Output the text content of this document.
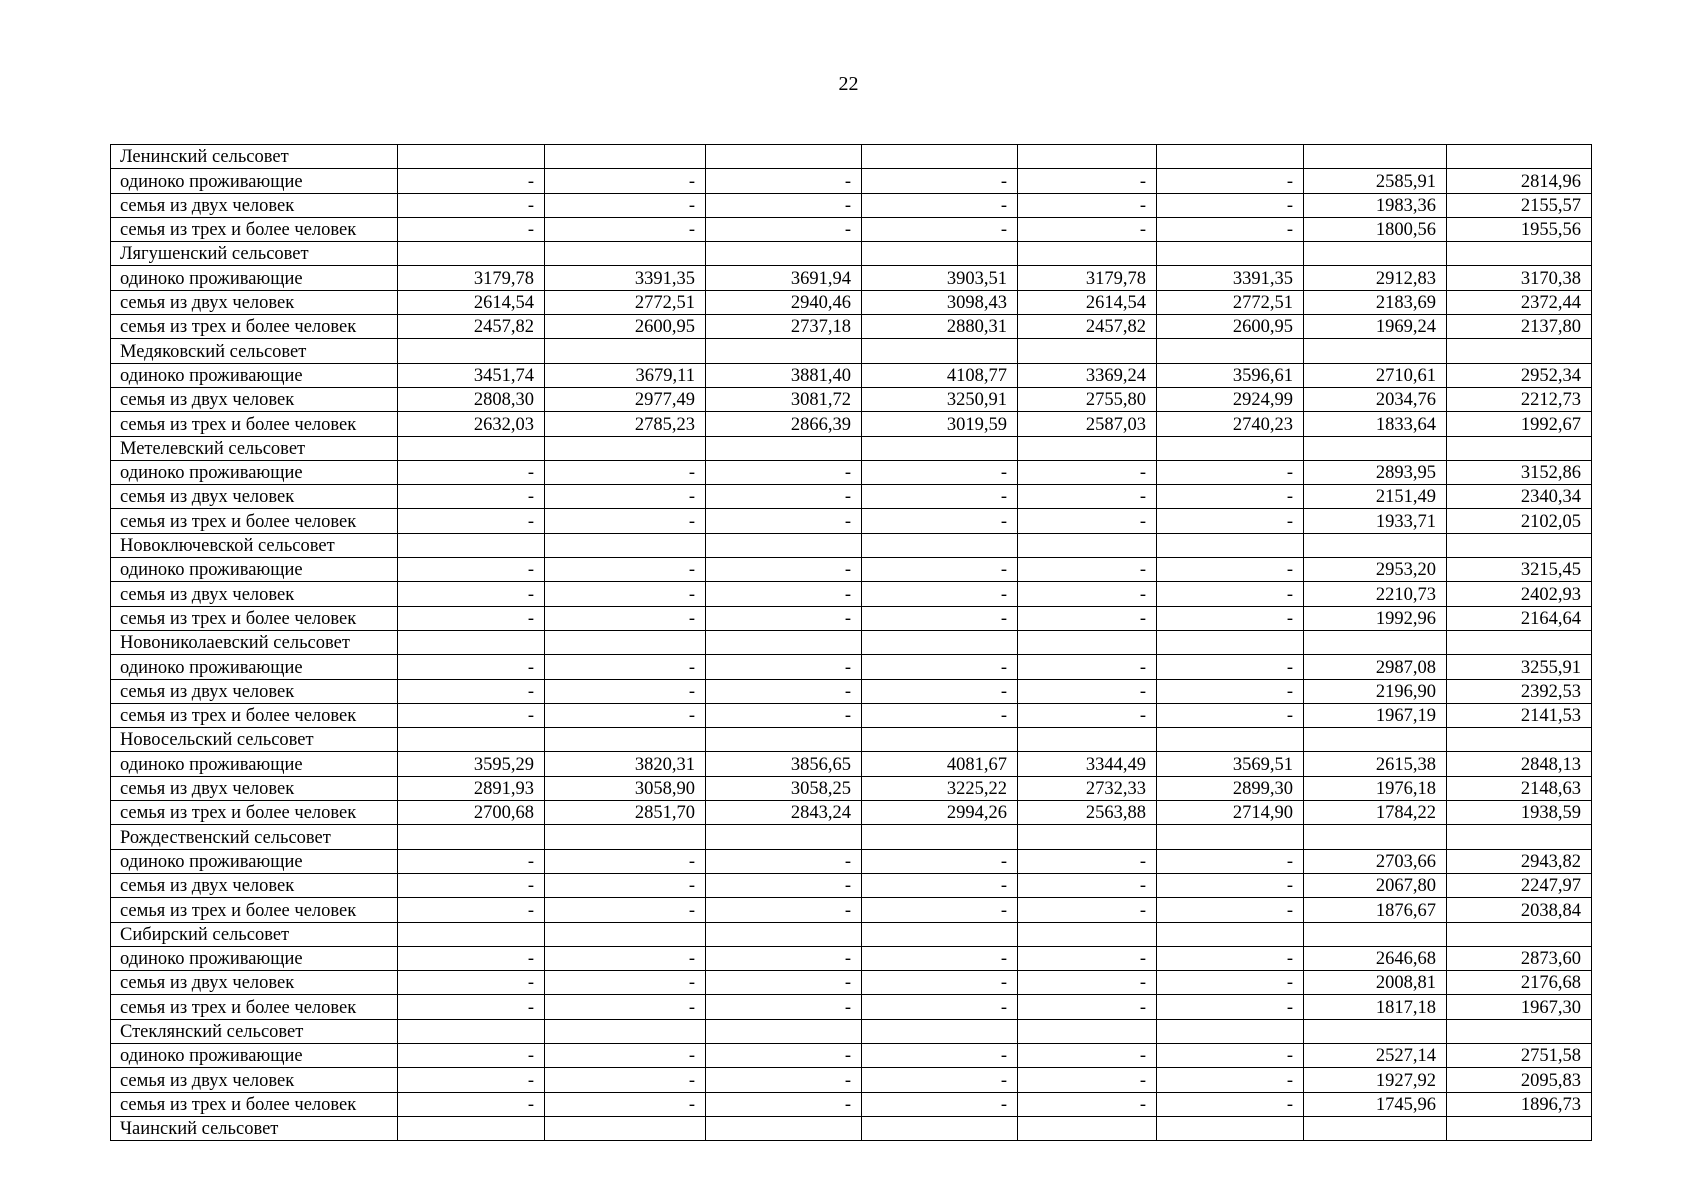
22
Ленинский сельсовет								
одиноко проживающие	-	-	-	-	-	-	2585,91	2814,96
семья из двух человек	-	-	-	-	-	-	1983,36	2155,57
семья из трех и более человек	-	-	-	-	-	-	1800,56	1955,56
Лягушенский сельсовет								
одиноко проживающие	3179,78	3391,35	3691,94	3903,51	3179,78	3391,35	2912,83	3170,38
семья из двух человек	2614,54	2772,51	2940,46	3098,43	2614,54	2772,51	2183,69	2372,44
семья из трех и более человек	2457,82	2600,95	2737,18	2880,31	2457,82	2600,95	1969,24	2137,80
Медяковский сельсовет								
одиноко проживающие	3451,74	3679,11	3881,40	4108,77	3369,24	3596,61	2710,61	2952,34
семья из двух человек	2808,30	2977,49	3081,72	3250,91	2755,80	2924,99	2034,76	2212,73
семья из трех и более человек	2632,03	2785,23	2866,39	3019,59	2587,03	2740,23	1833,64	1992,67
Метелевский сельсовет								
одиноко проживающие	-	-	-	-	-	-	2893,95	3152,86
семья из двух человек	-	-	-	-	-	-	2151,49	2340,34
семья из трех и более человек	-	-	-	-	-	-	1933,71	2102,05
Новоключевской сельсовет								
одиноко проживающие	-	-	-	-	-	-	2953,20	3215,45
семья из двух человек	-	-	-	-	-	-	2210,73	2402,93
семья из трех и более человек	-	-	-	-	-	-	1992,96	2164,64
Новониколаевский сельсовет								
одиноко проживающие	-	-	-	-	-	-	2987,08	3255,91
семья из двух человек	-	-	-	-	-	-	2196,90	2392,53
семья из трех и более человек	-	-	-	-	-	-	1967,19	2141,53
Новосельский сельсовет								
одиноко проживающие	3595,29	3820,31	3856,65	4081,67	3344,49	3569,51	2615,38	2848,13
семья из двух человек	2891,93	3058,90	3058,25	3225,22	2732,33	2899,30	1976,18	2148,63
семья из трех и более человек	2700,68	2851,70	2843,24	2994,26	2563,88	2714,90	1784,22	1938,59
Рождественский сельсовет								
одиноко проживающие	-	-	-	-	-	-	2703,66	2943,82
семья из двух человек	-	-	-	-	-	-	2067,80	2247,97
семья из трех и более человек	-	-	-	-	-	-	1876,67	2038,84
Сибирский сельсовет								
одиноко проживающие	-	-	-	-	-	-	2646,68	2873,60
семья из двух человек	-	-	-	-	-	-	2008,81	2176,68
семья из трех и более человек	-	-	-	-	-	-	1817,18	1967,30
Стеклянский сельсовет								
одиноко проживающие	-	-	-	-	-	-	2527,14	2751,58
семья из двух человек	-	-	-	-	-	-	1927,92	2095,83
семья из трех и более человек	-	-	-	-	-	-	1745,96	1896,73
Чаинский сельсовет								
